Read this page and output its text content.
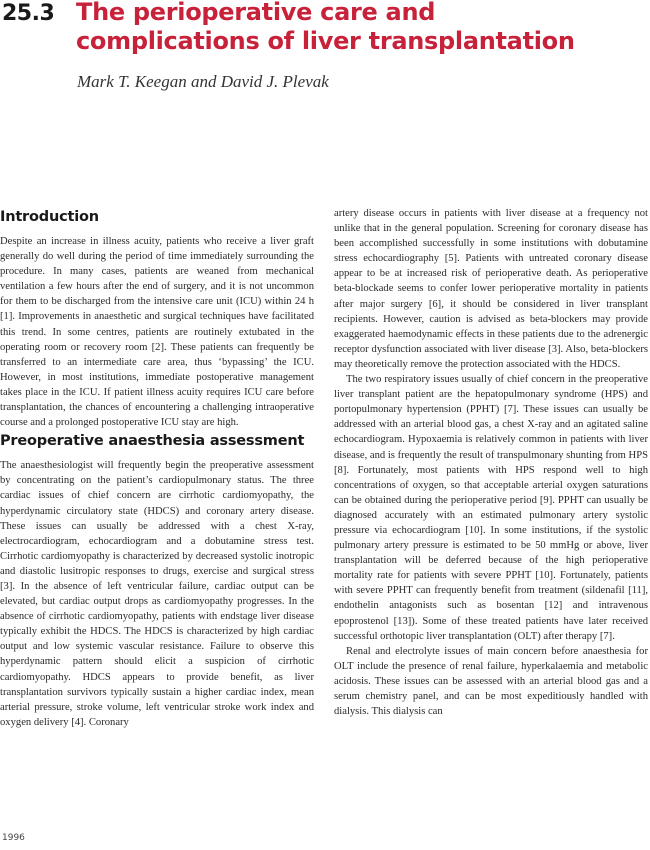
25.3 The perioperative care and
complications of liver transplantation
Mark T. Keegan and David J. Plevak
Introduction

Despite an increase in illness acuity, patients who receive a liver graft generally do well during the period of time immediately surrounding the procedure. In many cases, patients are weaned from mechanical ventilation a few hours after the end of surgery, and it is not uncommon for them to be discharged from the intensive care unit (ICU) within 24 h [1]. Improvements in anaesthetic and surgical techniques have facilitated this trend. In some centres, patients are routinely extubated in the operating room or recovery room [2]. These patients can frequently be transferred to an intermediate care area, thus ‘bypassing’ the ICU. However, in most institutions, immediate postoperative management takes place in the ICU. If patient illness acuity requires ICU care before transplantation, the chances of encountering a challenging intraoperative course and a prolonged postoperative ICU stay are high.

Preoperative anaesthesia assessment

The anaesthesiologist will frequently begin the preoperative assessment by concentrating on the patient’s cardiopulmonary status. The three cardiac issues of chief concern are cirrhotic cardiomyopathy, the hyperdynamic circulatory state (HDCS) and coronary artery disease. These issues can usually be addressed with a chest X-ray, electrocardiogram, echocardiogram and a dobutamine stress test. Cirrhotic cardiomyopathy is characterized by decreased systolic inotropic and diastolic lusitropic responses to drugs, exercise and surgical stress [3]. In the absence of left ventricular failure, cardiac output can be elevated, but cardiac output drops as cardiomyopathy progresses. In the absence of cirrhotic cardiomyopathy, patients with endstage liver disease typically exhibit the HDCS. The HDCS is characterized by high cardiac output and low systemic vascular resistance. Failure to observe this hyperdynamic pattern should elicit a suspicion of cirrhotic cardiomyopathy. HDCS appears to provide benefit, as liver transplantation survivors typically sustain a higher cardiac index, mean arterial pressure, stroke volume, left ventricular stroke work index and oxygen delivery [4]. Coronary

artery disease occurs in patients with liver disease at a frequency not unlike that in the general population. Screening for coronary disease has been accomplished successfully in some institutions with dobutamine stress echocardiography [5]. Patients with untreated coronary disease appear to be at increased risk of perioperative death. As perioperative beta-blockade seems to confer lower perioperative mortality in patients after major surgery [6], it should be considered in liver transplant recipients. However, caution is advised as beta-blockers may provide exaggerated haemodynamic effects in these patients due to the adrenergic receptor dysfunction associated with liver disease [3]. Also, beta-blockers may theoretically remove the protection associated with the HDCS.

The two respiratory issues usually of chief concern in the preoperative liver transplant patient are the hepatopulmonary syndrome (HPS) and portopulmonary hypertension (PPHT) [7]. These issues can usually be addressed with an arterial blood gas, a chest X-ray and an agitated saline echocardiogram. Hypoxaemia is relatively common in patients with liver disease, and is frequently the result of transpulmonary shunting from HPS [8]. Fortunately, most patients with HPS respond well to high concentrations of oxygen, so that acceptable arterial oxygen saturations can be obtained during the perioperative period [9]. PPHT can usually be diagnosed accurately with an estimated pulmonary artery systolic pressure via echocardiogram [10]. In some institutions, if the systolic pulmonary artery pressure is estimated to be 50 mmHg or above, liver transplantation will be deferred because of the high perioperative mortality rate for patients with severe PPHT [10]. Fortunately, patients with severe PPHT can frequently benefit from treatment (sildenafil [11], endothelin antagonists such as bosentan [12] and intravenous epoprostenol [13]). Some of these treated patients have later received successful orthotopic liver transplantation (OLT) after therapy [7].

Renal and electrolyte issues of main concern before anaesthesia for OLT include the presence of renal failure, hyperkalaemia and metabolic acidosis. These issues can be assessed with an arterial blood gas and a serum chemistry panel, and can be most expeditiously handled with dialysis. This dialysis can

1996
